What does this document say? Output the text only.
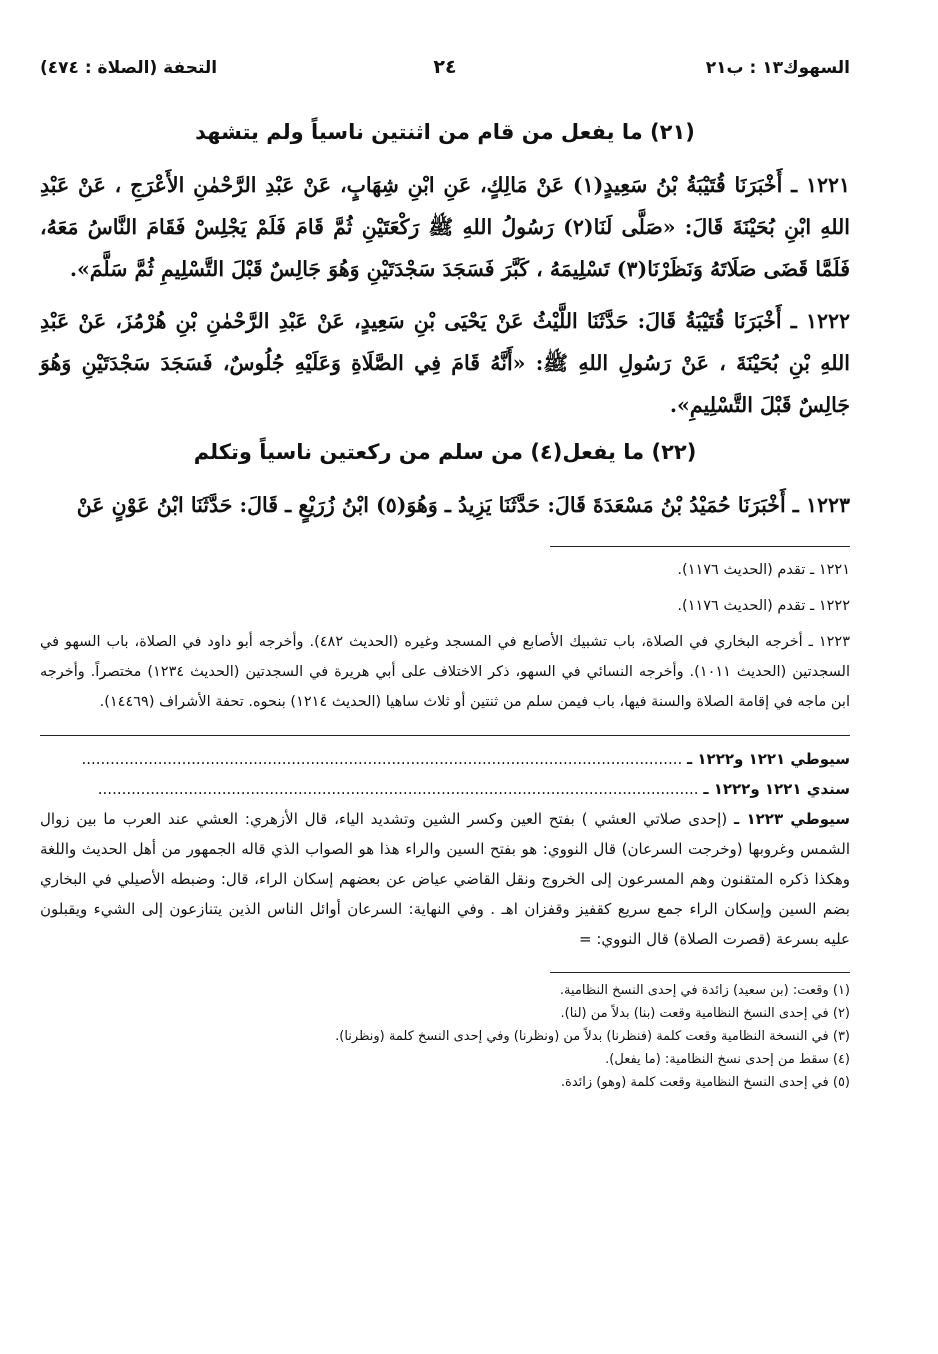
السهوك١٣ : ب٢١
٢٤
التحفة (الصلاة : ٤٧٤)
(٢١) ما يفعل من قام من اثنتين ناسياً ولم يتشهد

١٢٢١ ـ أَخْبَرَنَا قُتَيْبَةُ بْنُ سَعِيدٍ(١) عَنْ مَالِكٍ، عَنِ ابْنِ شِهَابٍ، عَنْ عَبْدِ الرَّحْمٰنِ الأَعْرَجِ ، عَنْ عَبْدِ اللهِ ابْنِ بُحَيْنَةَ قَالَ: «صَلَّى لَنَا(٢) رَسُولُ اللهِ ﷺ رَكْعَتَيْنِ ثُمَّ قَامَ فَلَمْ يَجْلِسْ فَقَامَ النَّاسُ مَعَهُ، فَلَمَّا قَضَى صَلَاتَهُ وَنَظَرْنَا(٣) تَسْلِيمَهُ ، كَبَّرَ فَسَجَدَ سَجْدَتَيْنِ وَهُوَ جَالِسٌ قَبْلَ التَّسْلِيمِ ثُمَّ سَلَّمَ».

١٢٢٢ ـ أَخْبَرَنَا قُتَيْبَةُ قَالَ: حَدَّثَنَا اللَّيْثُ عَنْ يَحْيَى بْنِ سَعِيدٍ، عَنْ عَبْدِ الرَّحْمٰنِ بْنِ هُرْمُزَ، عَنْ عَبْدِ اللهِ بْنِ بُحَيْنَةَ ، عَنْ رَسُولِ اللهِ ﷺ: «أَنَّهُ قَامَ فِي الصَّلَاةِ وَعَلَيْهِ جُلُوسٌ، فَسَجَدَ سَجْدَتَيْنِ وَهُوَ جَالِسٌ قَبْلَ التَّسْلِيمِ».

(٢٢) ما يفعل(٤) من سلم من ركعتين ناسياً وتكلم

١٢٢٣ ـ أَخْبَرَنَا حُمَيْدُ بْنُ مَسْعَدَةَ قَالَ: حَدَّثَنَا يَزِيدُ ـ وَهُوَ(٥) ابْنُ زُرَيْعٍ ـ قَالَ: حَدَّثَنَا ابْنُ عَوْنٍ عَنْ

١٢٢١ ـ تقدم (الحديث ١١٧٦).

١٢٢٢ ـ تقدم (الحديث ١١٧٦).

١٢٢٣ ـ أخرجه البخاري في الصلاة، باب تشبيك الأصابع في المسجد وغيره (الحديث ٤٨٢). وأخرجه أبو داود في الصلاة، باب السهو في السجدتين (الحديث ١٠١١). وأخرجه النسائي في السهو، ذكر الاختلاف على أبي هريرة في السجدتين (الحديث ١٢٣٤) مختصراً. وأخرجه ابن ماجه في إقامة الصلاة والسنة فيها، باب فيمن سلم من ثنتين أو ثلاث ساهيا (الحديث ١٢١٤) بنحوه. تحفة الأشراف (١٤٤٦٩).

سيوطي ١٢٢١ و١٢٢٢ ـ ..............................................................................................................................

سندي ١٢٢١ و١٢٢٢ ـ ..............................................................................................................................

سيوطي ١٢٢٣ ـ (إحدى صلاتي العشي ) بفتح العين وكسر الشين وتشديد الياء، قال الأزهري: العشي عند العرب ما بين زوال الشمس وغروبها (وخرجت السرعان) قال النووي: هو بفتح السين والراء هذا هو الصواب الذي قاله الجمهور من أهل الحديث واللغة وهكذا ذكره المتقنون وهم المسرعون إلى الخروج ونقل القاضي عياض عن بعضهم إسكان الراء، قال: وضبطه الأصيلي في البخاري بضم السين وإسكان الراء جمع سريع كقفيز وقفزان اهـ . وفي النهاية: السرعان أوائل الناس الذين يتنازعون إلى الشيء ويقبلون عليه بسرعة (قصرت الصلاة) قال النووي: =

(١) وقعت: (بن سعيد) زائدة في إحدى النسخ النظامية.

(٢) في إحدى النسخ النظامية وقعت (بنا) بدلاً من (لنا).

(٣) في النسخة النظامية وقعت كلمة (فنظرنا) بدلاً من (ونظرنا) وفي إحدى النسخ كلمة (ونظرنا).

(٤) سقط من إحدى نسخ النظامية: (ما يفعل).

(٥) في إحدى النسخ النظامية وقعت كلمة (وهو) زائدة.
